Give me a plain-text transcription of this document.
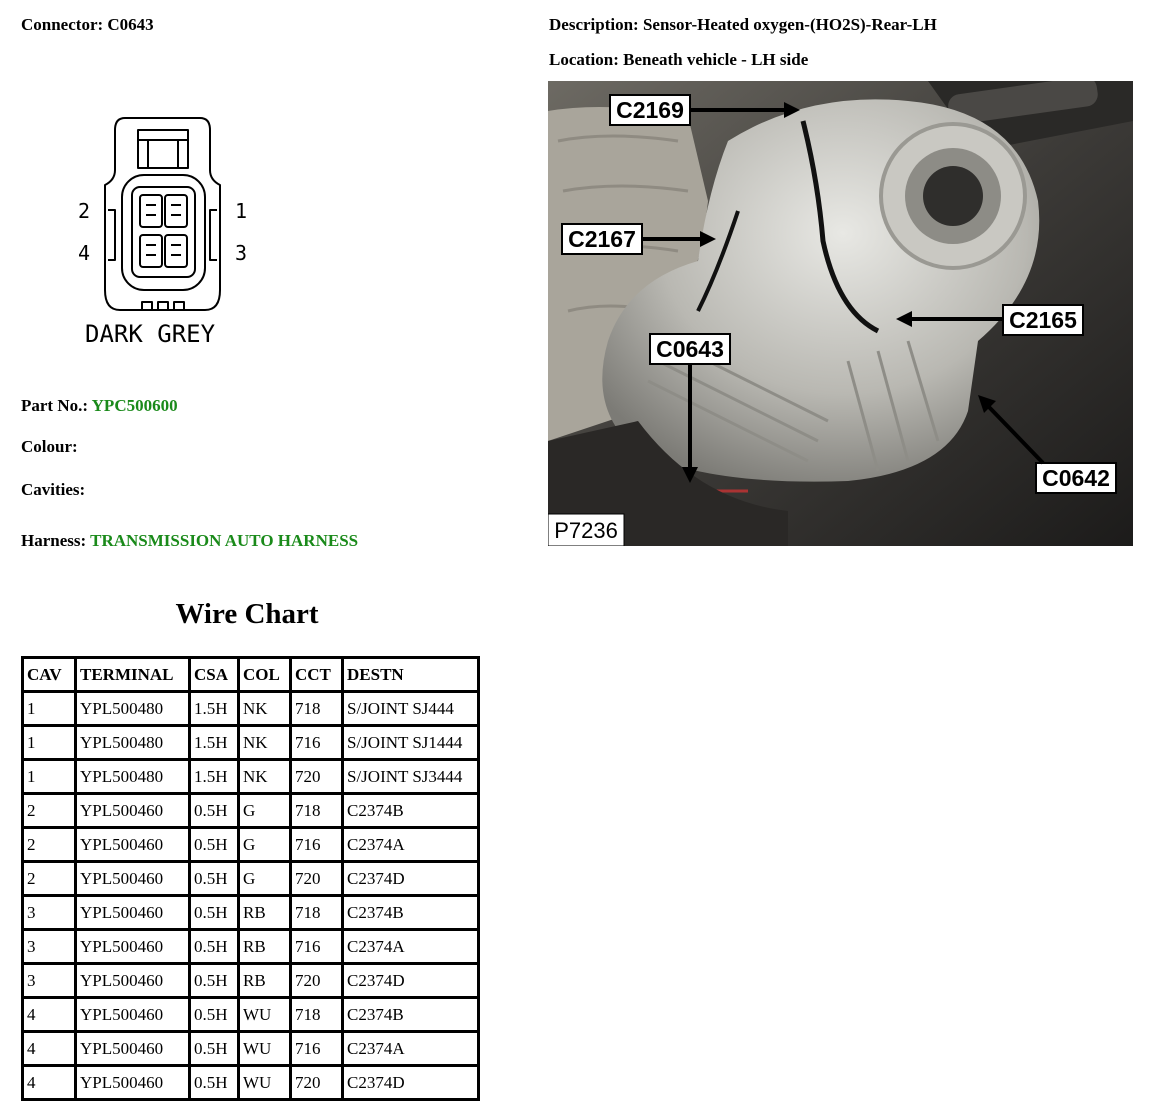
Connector: C0643	Description: Sensor-Heated oxygen-(HO2S)-Rear-LH
Location: Beneath vehicle - LH side
2	1
4	3
DARK GREY
Part No.: YPC500600
Colour:
Cavities:
Harness: TRANSMISSION AUTO HARNESS
C2169
C2167
C2165
C0643
C0642
P7236
Wire Chart
CAV	TERMINAL	CSA	COL	CCT	DESTN
1	YPL500480	1.5H	NK	718	S/JOINT SJ444
1	YPL500480	1.5H	NK	716	S/JOINT SJ1444
1	YPL500480	1.5H	NK	720	S/JOINT SJ3444
2	YPL500460	0.5H	G	718	C2374B
2	YPL500460	0.5H	G	716	C2374A
2	YPL500460	0.5H	G	720	C2374D
3	YPL500460	0.5H	RB	718	C2374B
3	YPL500460	0.5H	RB	716	C2374A
3	YPL500460	0.5H	RB	720	C2374D
4	YPL500460	0.5H	WU	718	C2374B
4	YPL500460	0.5H	WU	716	C2374A
4	YPL500460	0.5H	WU	720	C2374D
